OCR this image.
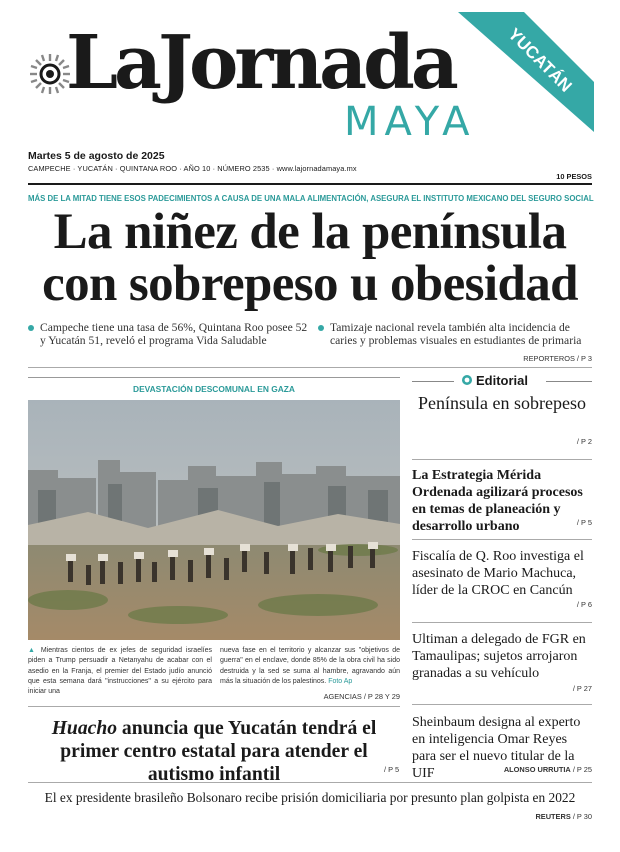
LaJornada
MAYA
YUCATÁN
Martes 5 de agosto de 2025
CAMPECHE · YUCATÁN · QUINTANA ROO · AÑO 10 · NÚMERO 2535 · www.lajornadamaya.mx
10 PESOS
MÁS DE LA MITAD TIENE ESOS PADECIMIENTOS A CAUSA DE UNA MALA ALIMENTACIÓN, ASEGURA EL INSTITUTO MEXICANO DEL SEGURO SOCIAL
La niñez de la península
con sobrepeso u obesidad
Campeche tiene una tasa de 56%, Quintana Roo posee 52 y Yucatán 51, reveló el programa Vida Saludable
Tamizaje nacional revela también alta incidencia de caries y problemas visuales en estudiantes de primaria
REPORTEROS / P 3
DEVASTACIÓN DESCOMUNAL EN GAZA
▲ Mientras cientos de ex jefes de seguridad israelíes piden a Trump persuadir a Netanyahu de acabar con el asedio en la Franja, el premier del Estado judío anunció que esta semana dará "instrucciones" a su ejército para iniciar una
nueva fase en el territorio y alcanzar sus "objetivos de guerra" en el enclave, donde 85% de la obra civil ha sido destruida y la sed se suma al hambre, agravando aún más la situación de los palestinos. Foto Ap
AGENCIAS / P 28 Y 29
Huacho anuncia que Yucatán tendrá el primer centro estatal para atender el autismo infantil	/ P 5
Editorial
Península en sobrepeso
/ P 2
La Estrategia Mérida Ordenada agilizará procesos en temas de planeación y desarrollo urbano	/ P 5
Fiscalía de Q. Roo investiga el asesinato de Mario Machuca, líder de la CROC en Cancún
/ P 6
Ultiman a delegado de FGR en Tamaulipas; sujetos arrojaron granadas a su vehículo
/ P 27
Sheinbaum designa al experto en inteligencia Omar Reyes para ser el nuevo titular de la UIF	ALONSO URRUTIA / P 25
El ex presidente brasileño Bolsonaro recibe prisión domiciliaria por presunto plan golpista en 2022
REUTERS / P 30
